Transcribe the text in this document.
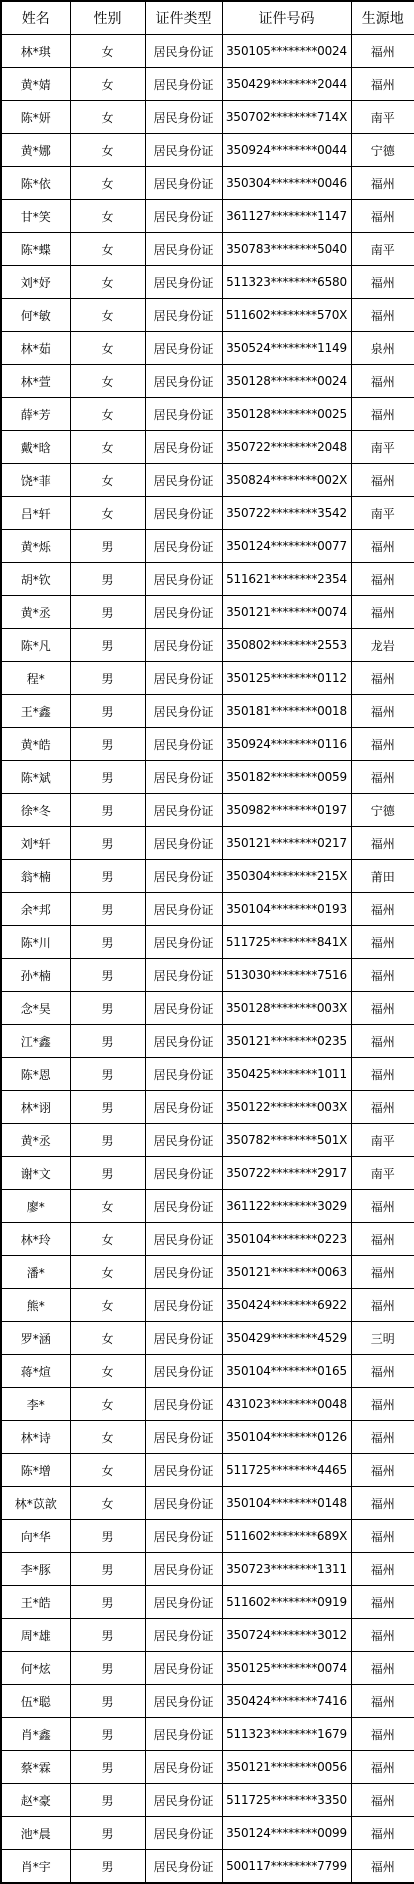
姓名	性别	证件类型	证件号码	生源地
林*琪	女	居民身份证	350105********0024	福州
黄*婧	女	居民身份证	350429********2044	福州
陈*妍	女	居民身份证	350702********714X	南平
黄*娜	女	居民身份证	350924********0044	宁德
陈*依	女	居民身份证	350304********0046	福州
甘*笑	女	居民身份证	361127********1147	福州
陈*蝶	女	居民身份证	350783********5040	南平
刘*妤	女	居民身份证	511323********6580	福州
何*敏	女	居民身份证	511602********570X	福州
林*茹	女	居民身份证	350524********1149	泉州
林*萱	女	居民身份证	350128********0024	福州
薛*芳	女	居民身份证	350128********0025	福州
戴*晗	女	居民身份证	350722********2048	南平
饶*菲	女	居民身份证	350824********002X	福州
吕*轩	女	居民身份证	350722********3542	南平
黄*烁	男	居民身份证	350124********0077	福州
胡*钦	男	居民身份证	511621********2354	福州
黄*丞	男	居民身份证	350121********0074	福州
陈*凡	男	居民身份证	350802********2553	龙岩
程*	男	居民身份证	350125********0112	福州
王*鑫	男	居民身份证	350181********0018	福州
黄*皓	男	居民身份证	350924********0116	福州
陈*斌	男	居民身份证	350182********0059	福州
徐*冬	男	居民身份证	350982********0197	宁德
刘*轩	男	居民身份证	350121********0217	福州
翁*楠	男	居民身份证	350304********215X	莆田
余*邦	男	居民身份证	350104********0193	福州
陈*川	男	居民身份证	511725********841X	福州
孙*楠	男	居民身份证	513030********7516	福州
念*昊	男	居民身份证	350128********003X	福州
江*鑫	男	居民身份证	350121********0235	福州
陈*恩	男	居民身份证	350425********1011	福州
林*诩	男	居民身份证	350122********003X	福州
黄*丞	男	居民身份证	350782********501X	南平
谢*文	男	居民身份证	350722********2917	南平
廖*	女	居民身份证	361122********3029	福州
林*玲	女	居民身份证	350104********0223	福州
潘*	女	居民身份证	350121********0063	福州
熊*	女	居民身份证	350424********6922	福州
罗*涵	女	居民身份证	350429********4529	三明
蒋*煊	女	居民身份证	350104********0165	福州
李*	女	居民身份证	431023********0048	福州
林*诗	女	居民身份证	350104********0126	福州
陈*增	女	居民身份证	511725********4465	福州
林*苡歆	女	居民身份证	350104********0148	福州
向*华	男	居民身份证	511602********689X	福州
李*豚	男	居民身份证	350723********1311	福州
王*皓	男	居民身份证	511602********0919	福州
周*雄	男	居民身份证	350724********3012	福州
何*炫	男	居民身份证	350125********0074	福州
伍*聪	男	居民身份证	350424********7416	福州
肖*鑫	男	居民身份证	511323********1679	福州
蔡*霖	男	居民身份证	350121********0056	福州
赵*豪	男	居民身份证	511725********3350	福州
池*晨	男	居民身份证	350124********0099	福州
肖*宇	男	居民身份证	500117********7799	福州
